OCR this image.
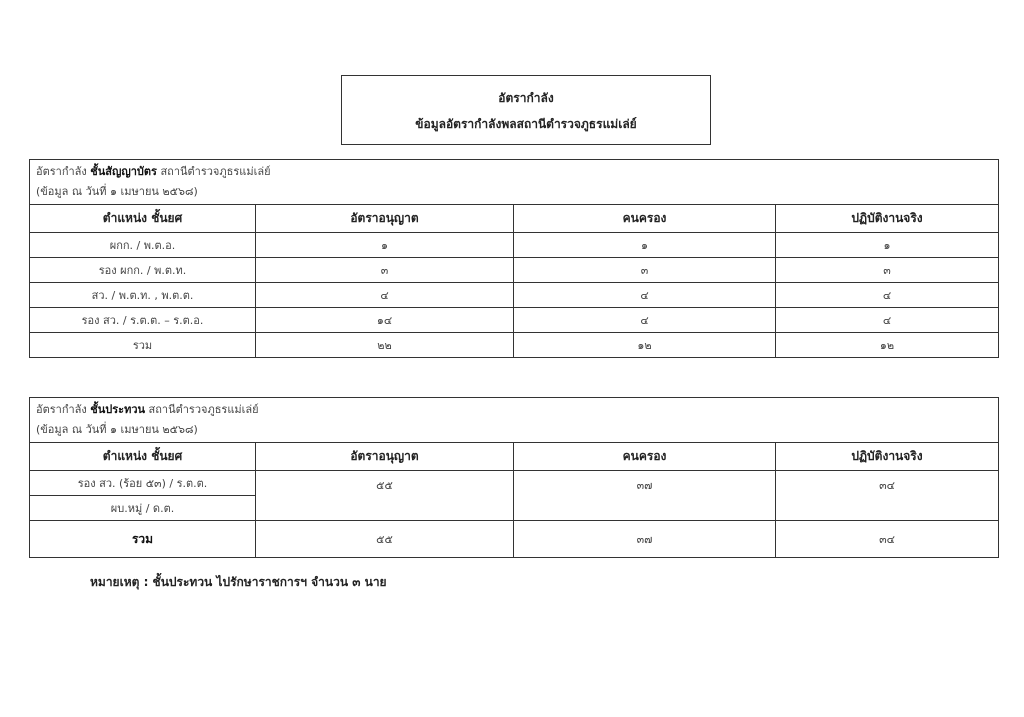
อัตรากำลัง
ข้อมูลอัตรากำลังพลสถานีตำรวจภูธรแม่เล่ย์
อัตรากำลัง ชั้นสัญญาบัตร สถานีตำรวจภูธรแม่เล่ย์
(ข้อมูล ณ วันที่ ๑ เมษายน ๒๕๖๘)			

ตำแหน่ง ชั้นยศ	อัตราอนุญาต	คนครอง	ปฏิบัติงานจริง
ผกก. / พ.ต.อ.	๑	๑	๑
รอง ผกก. / พ.ต.ท.	๓	๓	๓
สว. / พ.ต.ท. , พ.ต.ต.	๔	๔	๔
รอง สว. / ร.ต.ต. – ร.ต.อ.	๑๔	๔	๔
รวม	๒๒	๑๒	๑๒
อัตรากำลัง ชั้นประทวน สถานีตำรวจภูธรแม่เล่ย์
(ข้อมูล ณ วันที่ ๑ เมษายน ๒๕๖๘)			

ตำแหน่ง ชั้นยศ	อัตราอนุญาต	คนครอง	ปฏิบัติงานจริง
รอง สว. (ร้อย ๕๓) / ร.ต.ต.	๕๕	๓๗	๓๔
ผบ.หมู่ / ด.ต.			
รวม	๕๕	๓๗	๓๔
หมายเหตุ : ชั้นประทวน ไปรักษาราชการฯ จำนวน ๓ นาย
